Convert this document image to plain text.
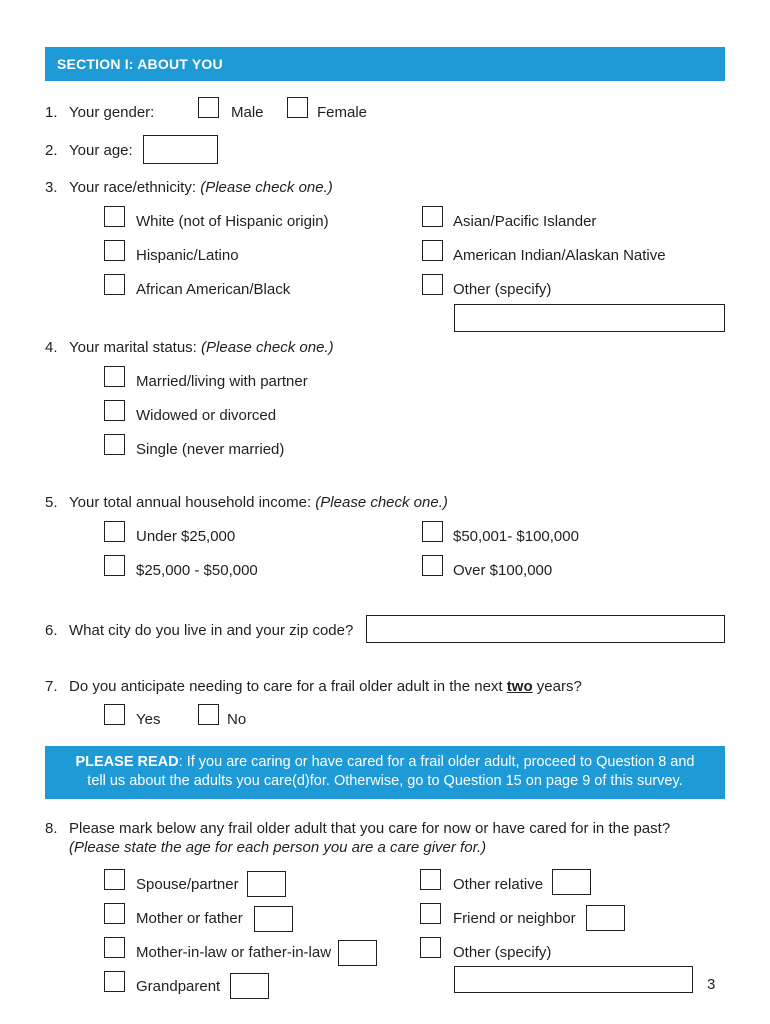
SECTION I: ABOUT YOU
1. Your gender:	Male	Female
2. Your age:
3. Your race/ethnicity: (Please check one.)
White (not of Hispanic origin)	Asian/Pacific Islander
Hispanic/Latino	American Indian/Alaskan Native
African American/Black	Other (specify)
4. Your marital status: (Please check one.)
Married/living with partner
Widowed or divorced
Single (never married)
5. Your total annual household income: (Please check one.)
Under $25,000	$50,001- $100,000
$25,000 - $50,000	Over $100,000
6. What city do you live in and your zip code?
7. Do you anticipate needing to care for a frail older adult in the next two years?
Yes	No
PLEASE READ: If you are caring or have cared for a frail older adult, proceed to Question 8 and
tell us about the adults you care(d)for. Otherwise, go to Question 15 on page 9 of this survey.
8. Please mark below any frail older adult that you care for now or have cared for in the past?
(Please state the age for each person you are a care giver for.)
Spouse/partner	Other relative
Mother or father	Friend or neighbor
Mother-in-law or father-in-law	Other (specify)
Grandparent	3
